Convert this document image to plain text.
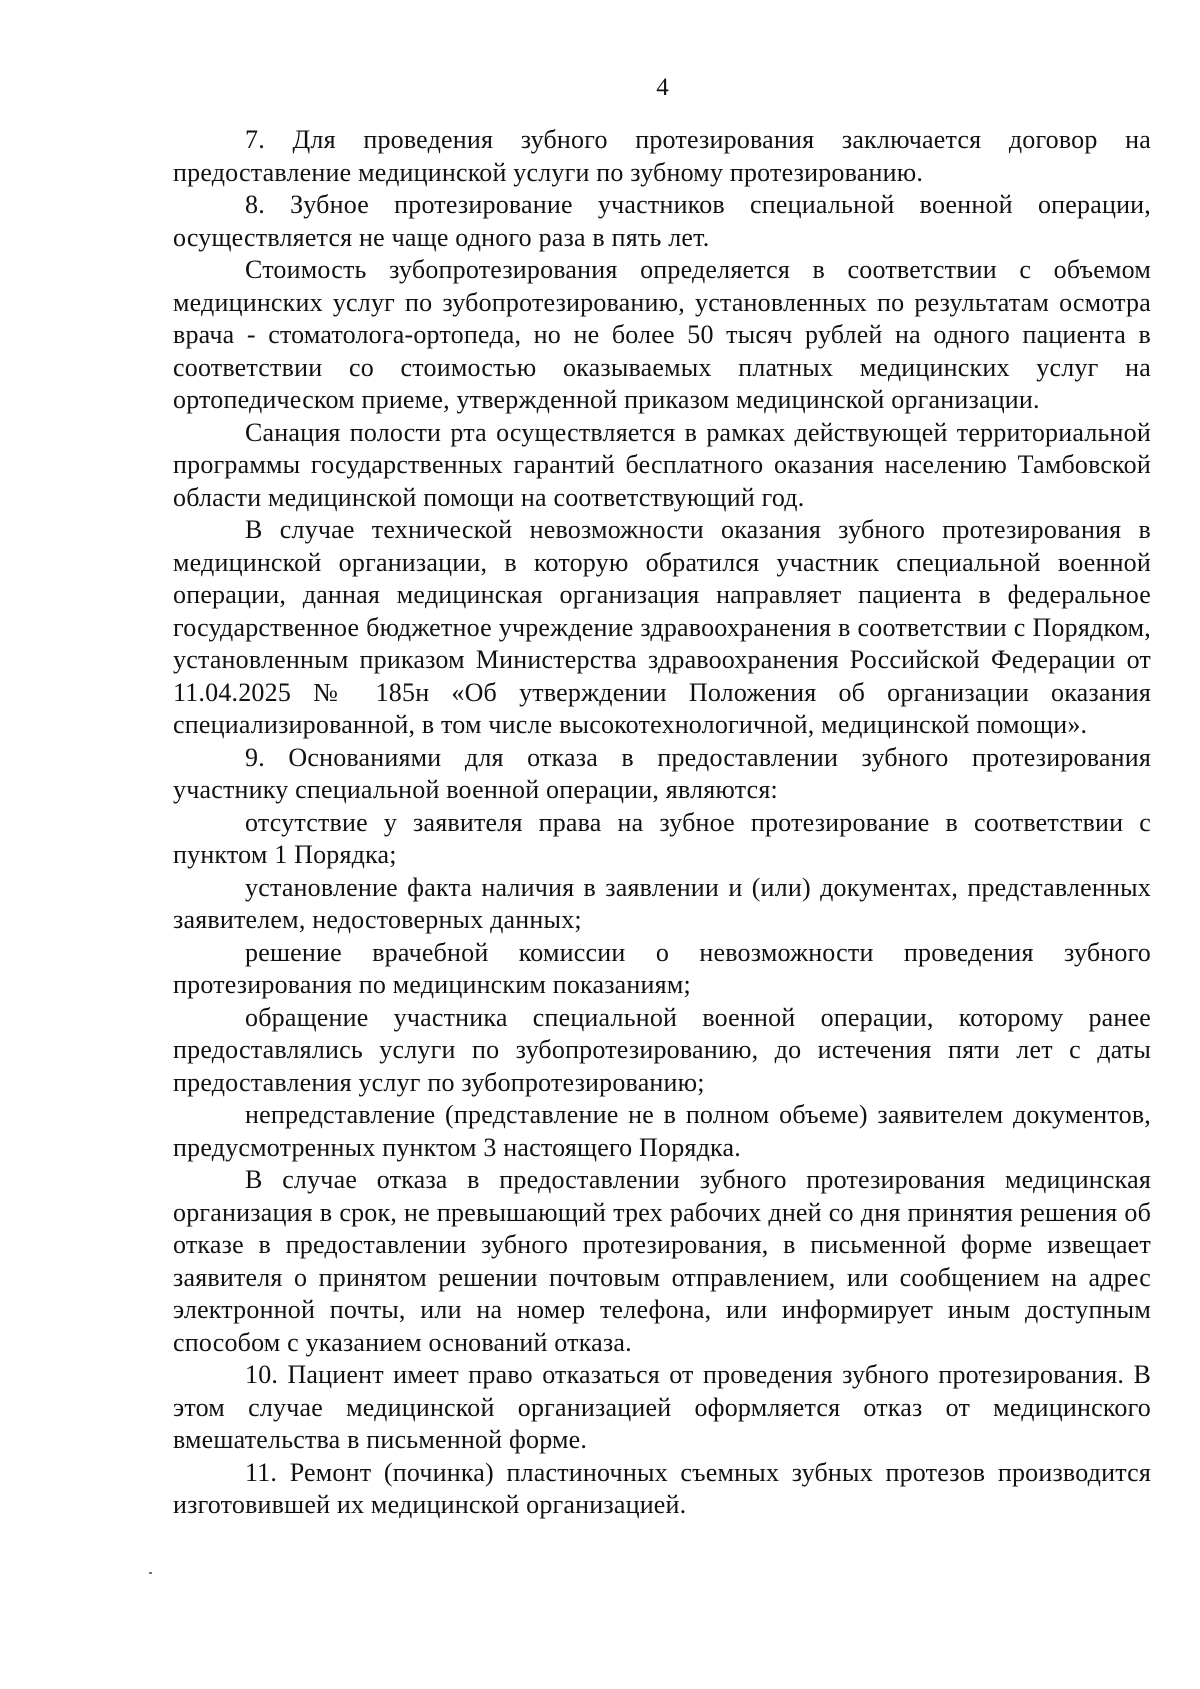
4

7. Для проведения зубного протезирования заключается договор на предоставление медицинской услуги по зубному протезированию.

8. Зубное протезирование участников специальной военной операции, осуществляется не чаще одного раза в пять лет.

Стоимость зубопротезирования определяется в соответствии с объемом медицинских услуг по зубопротезированию, установленных по результатам осмотра врача - стоматолога-ортопеда, но не более 50 тысяч рублей на одного пациента в соответствии со стоимостью оказываемых платных медицинских услуг на ортопедическом приеме, утвержденной приказом медицинской организации.

Санация полости рта осуществляется в рамках действующей территориальной программы государственных гарантий бесплатного оказания населению Тамбовской области медицинской помощи на соответствующий год.

В случае технической невозможности оказания зубного протезирования в медицинской организации, в которую обратился участник специальной военной операции, данная медицинская организация направляет пациента в федеральное государственное бюджетное учреждение здравоохранения в соответствии с Порядком, установленным приказом Министерства здравоохранения Российской Федерации от 11.04.2025 № 185н «Об утверждении Положения об организации оказания специализированной, в том числе высокотехнологичной, медицинской помощи».

9. Основаниями для отказа в предоставлении зубного протезирования участнику специальной военной операции, являются:

отсутствие у заявителя права на зубное протезирование в соответствии с пунктом 1 Порядка;

установление факта наличия в заявлении и (или) документах, представленных заявителем, недостоверных данных;

решение врачебной комиссии о невозможности проведения зубного протезирования по медицинским показаниям;

обращение участника специальной военной операции, которому ранее предоставлялись услуги по зубопротезированию, до истечения пяти лет с даты предоставления услуг по зубопротезированию;

непредставление (представление не в полном объеме) заявителем документов, предусмотренных пунктом 3 настоящего Порядка.

В случае отказа в предоставлении зубного протезирования медицинская организация в срок, не превышающий трех рабочих дней со дня принятия решения об отказе в предоставлении зубного протезирования, в письменной форме извещает заявителя о принятом решении почтовым отправлением, или сообщением на адрес электронной почты, или на номер телефона, или информирует иным доступным способом с указанием оснований отказа.

10. Пациент имеет право отказаться от проведения зубного протезирования. В этом случае медицинской организацией оформляется отказ от медицинского вмешательства в письменной форме.

11. Ремонт (починка) пластиночных съемных зубных протезов производится изготовившей их медицинской организацией.
